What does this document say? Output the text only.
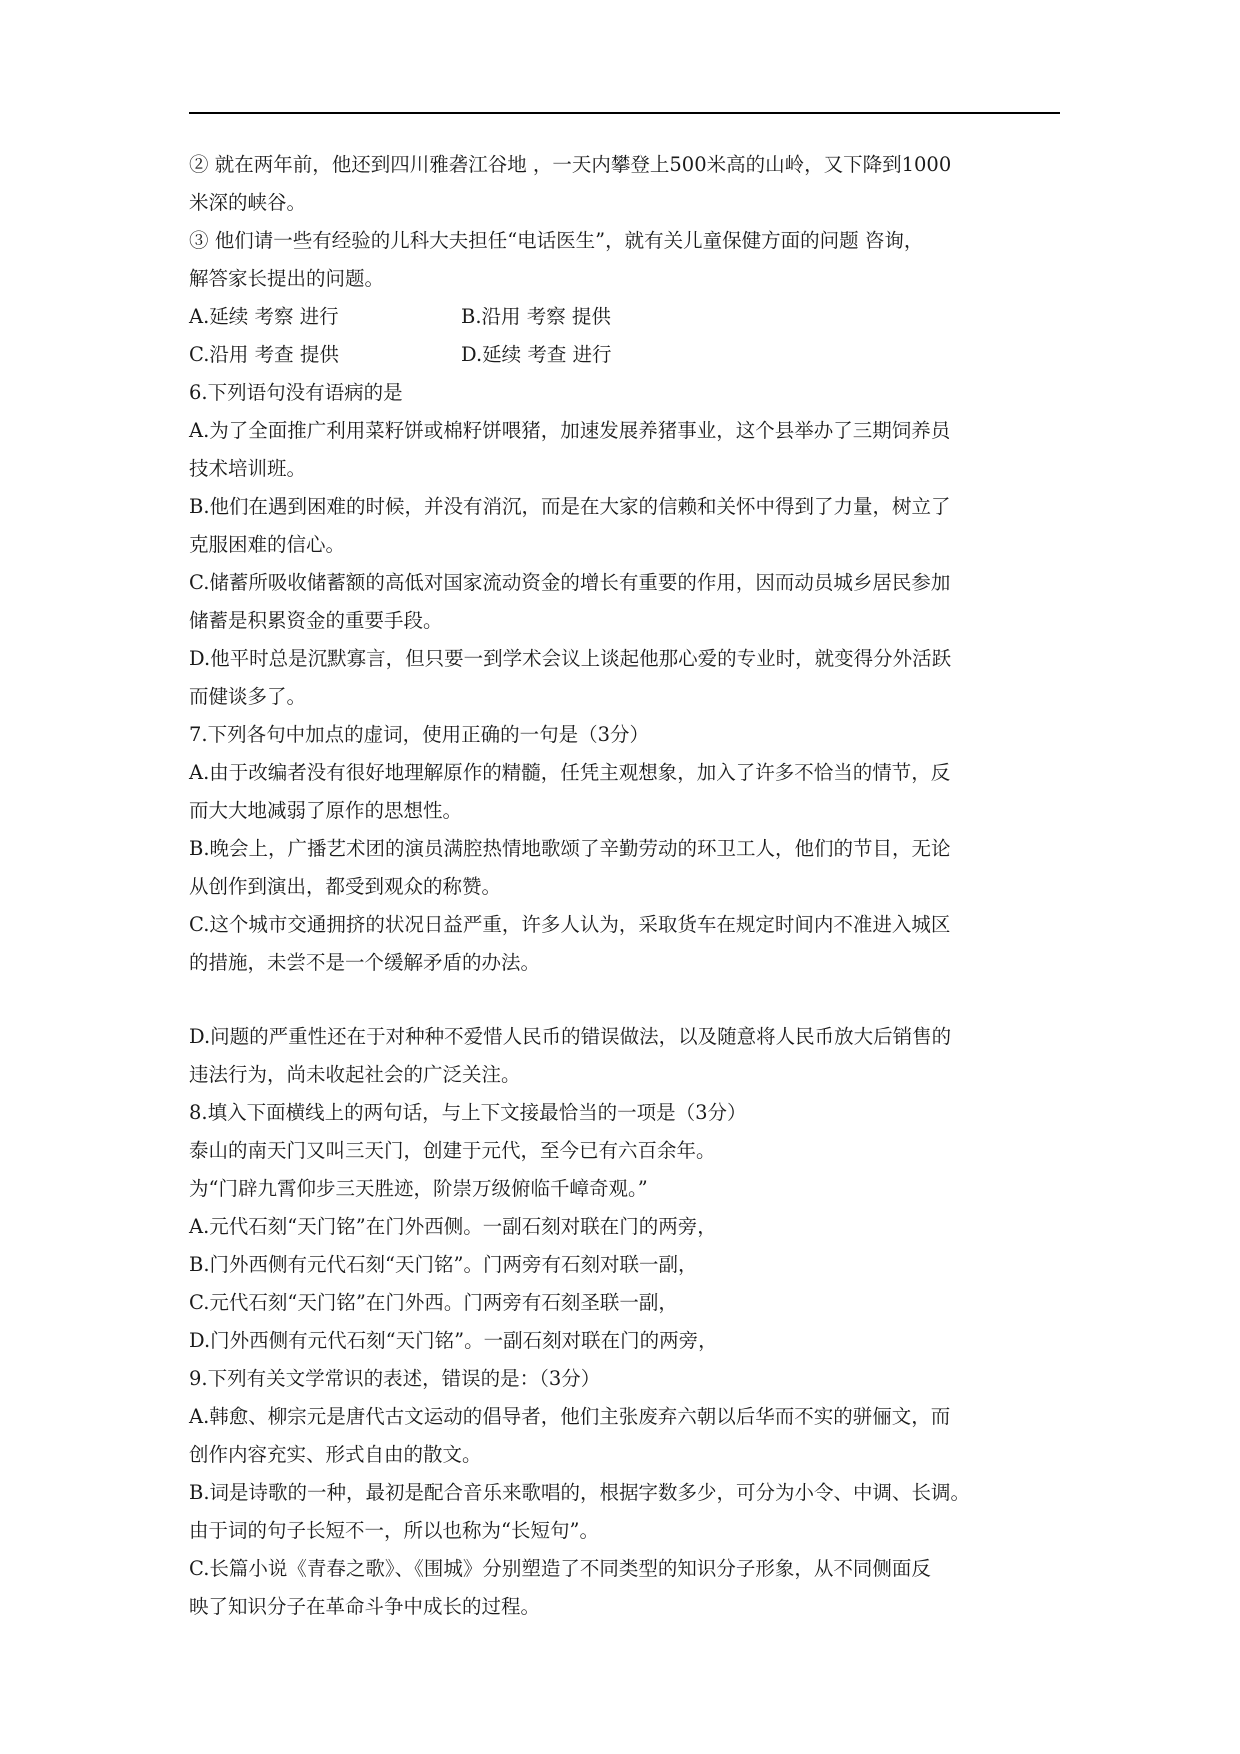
② 就在两年前，他还到四川雅砻江谷地 ，一天内攀登上500米高的山岭，又下降到1000
米深的峡谷。
③ 他们请一些有经验的儿科大夫担任“电话医生”，就有关儿童保健方面的问题 咨询，
解答家长提出的问题。
A.延续 考察 进行	B.沿用 考察 提供
C.沿用 考查 提供	D.延续 考查 进行
6.下列语句没有语病的是
A.为了全面推广利用菜籽饼或棉籽饼喂猪，加速发展养猪事业，这个县举办了三期饲养员
技术培训班。
B.他们在遇到困难的时候，并没有消沉，而是在大家的信赖和关怀中得到了力量，树立了
克服困难的信心。
C.储蓄所吸收储蓄额的高低对国家流动资金的增长有重要的作用，因而动员城乡居民参加
储蓄是积累资金的重要手段。
D.他平时总是沉默寡言，但只要一到学术会议上谈起他那心爱的专业时，就变得分外活跃
而健谈多了。
7.下列各句中加点的虚词，使用正确的一句是（3分）
A.由于改编者没有很好地理解原作的精髓，任凭主观想象，加入了许多不恰当的情节，反
而大大地减弱了原作的思想性。
B.晚会上，广播艺术团的演员满腔热情地歌颂了辛勤劳动的环卫工人，他们的节目，无论
从创作到演出，都受到观众的称赞。
C.这个城市交通拥挤的状况日益严重，许多人认为，采取货车在规定时间内不准进入城区
的措施，未尝不是一个缓解矛盾的办法。
D.问题的严重性还在于对种种不爱惜人民币的错误做法，以及随意将人民币放大后销售的
违法行为，尚未收起社会的广泛关注。
8.填入下面横线上的两句话，与上下文接最恰当的一项是（3分）
泰山的南天门又叫三天门，创建于元代，至今已有六百余年。
为“门辟九霄仰步三天胜迹，阶崇万级俯临千嶂奇观。”
A.元代石刻“天门铭”在门外西侧。一副石刻对联在门的两旁，
B.门外西侧有元代石刻“天门铭”。门两旁有石刻对联一副，
C.元代石刻“天门铭”在门外西。门两旁有石刻圣联一副，
D.门外西侧有元代石刻“天门铭”。一副石刻对联在门的两旁，
9.下列有关文学常识的表述，错误的是：（3分）
A.韩愈、柳宗元是唐代古文运动的倡导者，他们主张废弃六朝以后华而不实的骈俪文，而
创作内容充实、形式自由的散文。
B.词是诗歌的一种，最初是配合音乐来歌唱的，根据字数多少，可分为小令、中调、长调。
由于词的句子长短不一，所以也称为“长短句”。
C.长篇小说《青春之歌》、《围城》分别塑造了不同类型的知识分子形象，从不同侧面反
映了知识分子在革命斗争中成长的过程。
